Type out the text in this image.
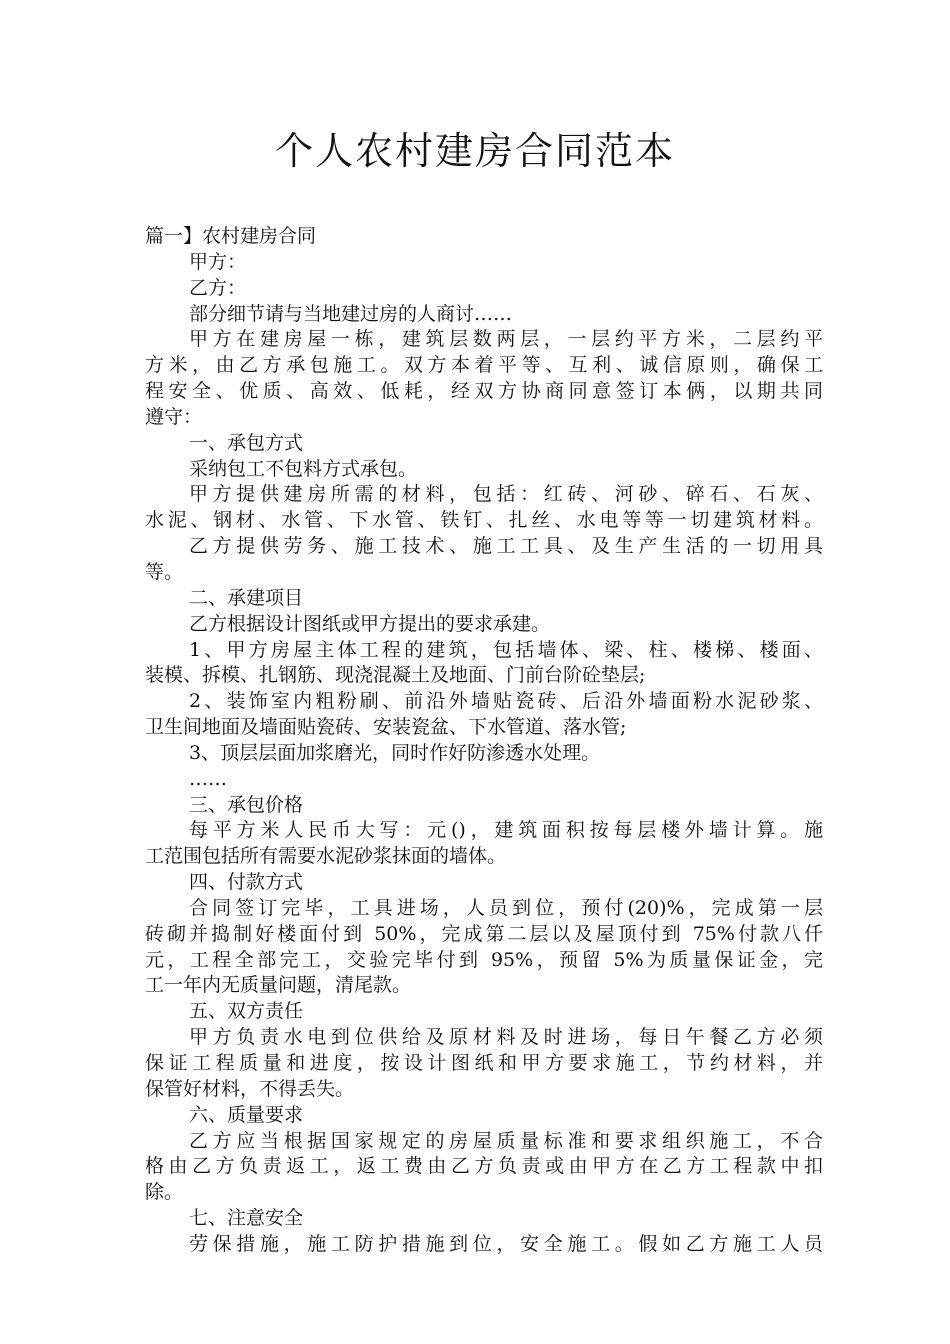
个人农村建房合同范本
篇一】农村建房合同
甲方：
乙方：
部分细节请与当地建过房的人商讨……
甲方在建房屋一栋，建筑层数两层，一层约平方米，二层约平
方米，由乙方承包施工。双方本着平等、互利、诚信原则，确保工
程安全、优质、高效、低耗，经双方协商同意签订本俩，以期共同
遵守：
一、承包方式
采纳包工不包料方式承包。
甲方提供建房所需的材料，包括：红砖、河砂、碎石、石灰、
水泥、钢材、水管、下水管、铁钉、扎丝、水电等等一切建筑材料。
乙方提供劳务、施工技术、施工工具、及生产生活的一切用具
等。
二、承建项目
乙方根据设计图纸或甲方提出的要求承建。
1、甲方房屋主体工程的建筑，包括墙体、梁、柱、楼梯、楼面、
装模、拆模、扎钢筋、现浇混凝土及地面、门前台阶砼垫层;
2、装饰室内粗粉刷、前沿外墙贴瓷砖、后沿外墙面粉水泥砂浆、
卫生间地面及墙面贴瓷砖、安装瓷盆、下水管道、落水管;
3、顶层层面加浆磨光，同时作好防渗透水处理。
……
三、承包价格
每平方米人民币大写：元()，建筑面积按每层楼外墙计算。施
工范围包括所有需要水泥砂浆抹面的墙体。
四、付款方式
合同签订完毕，工具进场，人员到位，预付(20)%，完成第一层
砖砌并捣制好楼面付到 50%，完成第二层以及屋顶付到 75%付款八仟
元，工程全部完工，交验完毕付到 95%，预留 5%为质量保证金，完
工一年内无质量问题，清尾款。
五、双方责任
甲方负责水电到位供给及原材料及时进场，每日午餐乙方必须
保证工程质量和进度，按设计图纸和甲方要求施工，节约材料，并
保管好材料，不得丢失。
六、质量要求
乙方应当根据国家规定的房屋质量标准和要求组织施工，不合
格由乙方负责返工，返工费由乙方负责或由甲方在乙方工程款中扣
除。
七、注意安全
劳保措施，施工防护措施到位，安全施工。假如乙方施工人员
